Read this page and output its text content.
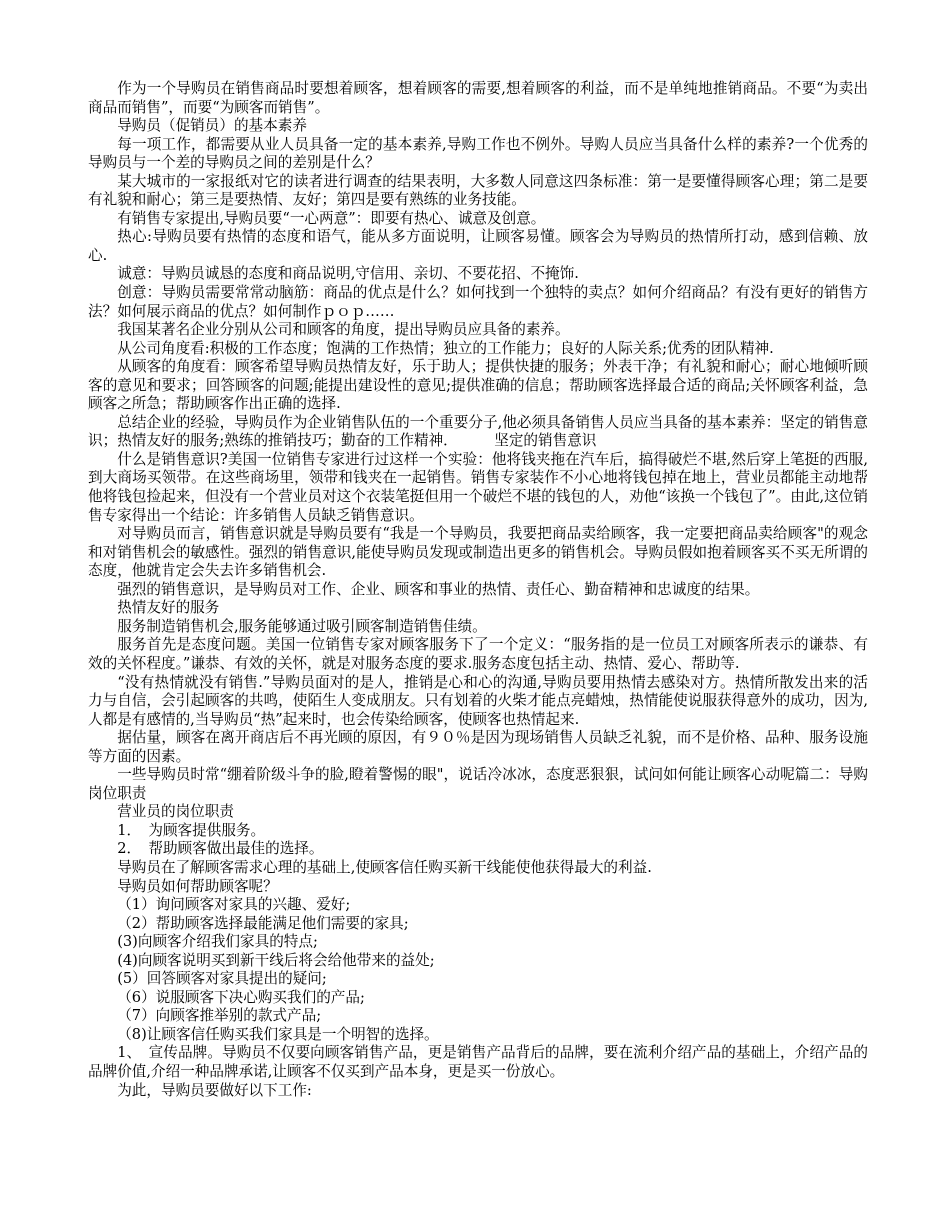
作为一个导购员在销售商品时要想着顾客，想着顾客的需要,想着顾客的利益，而不是单纯地推销商品。不要“为卖出商品而销售”，而要“为顾客而销售”。

导购员（促销员）的基本素养

每一项工作，都需要从业人员具备一定的基本素养,导购工作也不例外。导购人员应当具备什么样的素养?一个优秀的导购员与一个差的导购员之间的差别是什么？

某大城市的一家报纸对它的读者进行调查的结果表明，大多数人同意这四条标准：第一是要懂得顾客心理；第二是要有礼貌和耐心；第三是要热情、友好；第四是要有熟练的业务技能。

有销售专家提出,导购员要“一心两意”：即要有热心、诚意及创意。

热心:导购员要有热情的态度和语气，能从多方面说明，让顾客易懂。顾客会为导购员的热情所打动，感到信赖、放心.

诚意：导购员诚恳的态度和商品说明,守信用、亲切、不要花招、不掩饰.

创意：导购员需要常常动脑筋：商品的优点是什么？如何找到一个独特的卖点？如何介绍商品？有没有更好的销售方法？如何展示商品的优点？如何制作ｐｏｐ……

我国某著名企业分别从公司和顾客的角度，提出导购员应具备的素养。

从公司角度看:积极的工作态度；饱满的工作热情；独立的工作能力；良好的人际关系;优秀的团队精神.

从顾客的角度看：顾客希望导购员热情友好，乐于助人；提供快捷的服务；外表干净；有礼貌和耐心；耐心地倾听顾客的意见和要求；回答顾客的问题;能提出建设性的意见;提供准确的信息；帮助顾客选择最合适的商品;关怀顾客利益，急顾客之所急；帮助顾客作出正确的选择.

总结企业的经验，导购员作为企业销售队伍的一个重要分子,他必须具备销售人员应当具备的基本素养：坚定的销售意识；热情友好的服务;熟练的推销技巧；勤奋的工作精神．　　　坚定的销售意识

什么是销售意识?美国一位销售专家进行过这样一个实验：他将钱夹拖在汽车后，搞得破烂不堪,然后穿上笔挺的西服,到大商场买领带。在这些商场里，领带和钱夹在一起销售。销售专家装作不小心地将钱包掉在地上，营业员都能主动地帮他将钱包捡起来，但没有一个营业员对这个衣装笔挺但用一个破烂不堪的钱包的人，劝他“该换一个钱包了”。由此,这位销售专家得出一个结论：许多销售人员缺乏销售意识。

对导购员而言，销售意识就是导购员要有“我是一个导购员，我要把商品卖给顾客，我一定要把商品卖给顾客"的观念和对销售机会的敏感性。强烈的销售意识,能使导购员发现或制造出更多的销售机会。导购员假如抱着顾客买不买无所谓的态度，他就肯定会失去许多销售机会.

强烈的销售意识，是导购员对工作、企业、顾客和事业的热情、责任心、勤奋精神和忠诚度的结果。

热情友好的服务

服务制造销售机会,服务能够通过吸引顾客制造销售佳绩。

服务首先是态度问题。美国一位销售专家对顾客服务下了一个定义：“服务指的是一位员工对顾客所表示的谦恭、有效的关怀程度。”谦恭、有效的关怀，就是对服务态度的要求.服务态度包括主动、热情、爱心、帮助等.

“没有热情就没有销售.”导购员面对的是人，推销是心和心的沟通,导购员要用热情去感染对方。热情所散发出来的活力与自信，会引起顾客的共鸣，使陌生人变成朋友。只有划着的火柴才能点亮蜡烛，热情能使说服获得意外的成功，因为,人都是有感情的,当导购员“热”起来时，也会传染给顾客，使顾客也热情起来.

据估量，顾客在离开商店后不再光顾的原因，有９０％是因为现场销售人员缺乏礼貌，而不是价格、品种、服务设施等方面的因素。

一些导购员时常“绷着阶级斗争的脸,瞪着警惕的眼"，说话冷冰冰，态度恶狠狠，试问如何能让顾客心动呢篇二：导购岗位职责

营业员的岗位职责

1．　为顾客提供服务。

2．　帮助顾客做出最佳的选择。

导购员在了解顾客需求心理的基础上,使顾客信任购买新干线能使他获得最大的利益.

导购员如何帮助顾客呢？

（1）询问顾客对家具的兴趣、爱好;

（2）帮助顾客选择最能满足他们需要的家具;

(3)向顾客介绍我们家具的特点;

(4)向顾客说明买到新干线后将会给他带来的益处;

(5）回答顾客对家具提出的疑问;

（6）说服顾客下决心购买我们的产品;

（7）向顾客推举别的款式产品;

（8)让顾客信任购买我们家具是一个明智的选择。

1、　宣传品牌。导购员不仅要向顾客销售产品，更是销售产品背后的品牌，要在流利介绍产品的基础上，介绍产品的品牌价值,介绍一种品牌承诺,让顾客不仅买到产品本身，更是买一份放心。

为此，导购员要做好以下工作:
